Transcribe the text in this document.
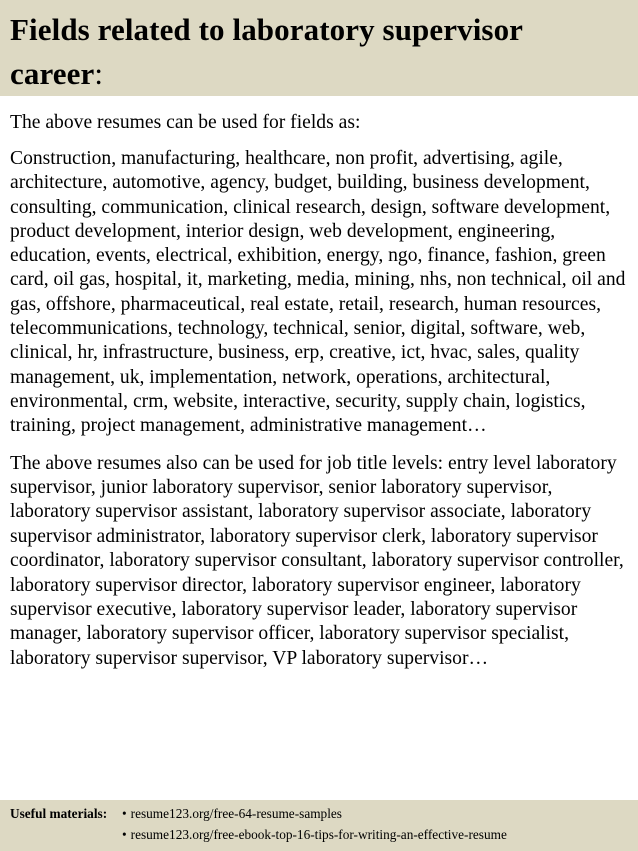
Fields related to laboratory supervisor
career:

The above resumes can be used for fields as:

Construction, manufacturing, healthcare, non profit, advertising, agile, architecture, automotive, agency, budget, building, business development, consulting, communication, clinical research, design, software development, product development, interior design, web development, engineering, education, events, electrical, exhibition, energy, ngo, finance, fashion, green card, oil gas, hospital, it, marketing, media, mining, nhs, non technical, oil and gas, offshore, pharmaceutical, real estate, retail, research, human resources, telecommunications, technology, technical, senior, digital, software, web, clinical, hr, infrastructure, business, erp, creative, ict, hvac, sales, quality management, uk, implementation, network, operations, architectural, environmental, crm, website, interactive, security, supply chain, logistics, training, project management, administrative management…

The above resumes also can be used for job title levels: entry level laboratory supervisor, junior laboratory supervisor, senior laboratory supervisor, laboratory supervisor assistant, laboratory supervisor associate, laboratory supervisor administrator, laboratory supervisor clerk, laboratory supervisor coordinator, laboratory supervisor consultant, laboratory supervisor controller, laboratory supervisor director, laboratory supervisor engineer, laboratory supervisor executive, laboratory supervisor leader, laboratory supervisor manager, laboratory supervisor officer, laboratory supervisor specialist, laboratory supervisor supervisor, VP laboratory supervisor…

Useful materials:	• resume123.org/free-64-resume-samples
• resume123.org/free-ebook-top-16-tips-for-writing-an-effective-resume
